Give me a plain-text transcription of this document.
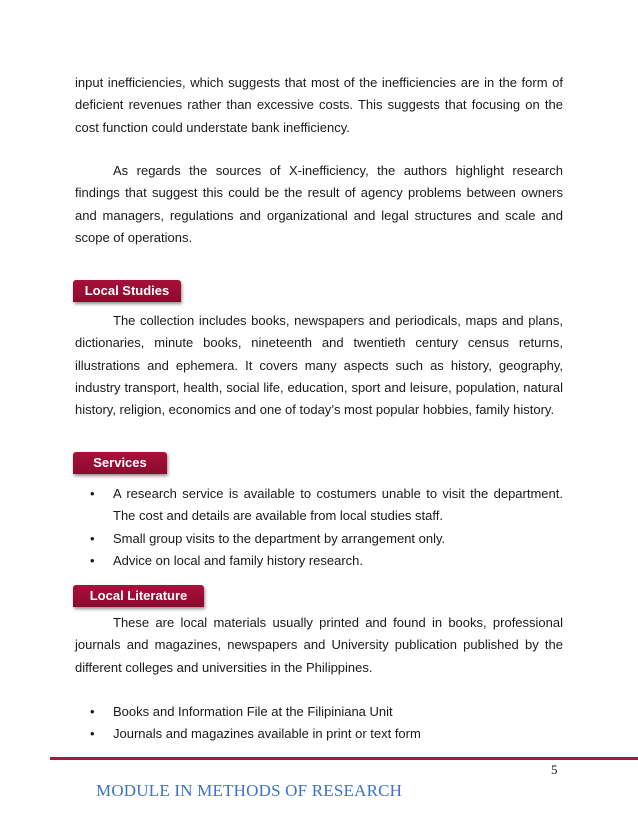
input inefficiencies, which suggests that most of the inefficiencies are in the form of deficient revenues rather than excessive costs. This suggests that focusing on the cost function could understate bank inefficiency.

As regards the sources of X-inefficiency, the authors highlight research findings that suggest this could be the result of agency problems between owners and managers, regulations and organizational and legal structures and scale and scope of operations.

Local Studies

The collection includes books, newspapers and periodicals, maps and plans, dictionaries, minute books, nineteenth and twentieth century census returns, illustrations and ephemera. It covers many aspects such as history, geography, industry transport, health, social life, education, sport and leisure, population, natural history, religion, economics and one of today’s most popular hobbies, family history.

Services
• A research service is available to costumers unable to visit the department. The cost and details are available from local studies staff.
• Small group visits to the department by arrangement only.
• Advice on local and family history research.
Local Literature

These are local materials usually printed and found in books, professional journals and magazines, newspapers and University publication published by the different colleges and universities in the Philippines.

• Books and Information File at the Filipiniana Unit
• Journals and magazines available in print or text form
5
MODULE IN METHODS OF RESEARCH
